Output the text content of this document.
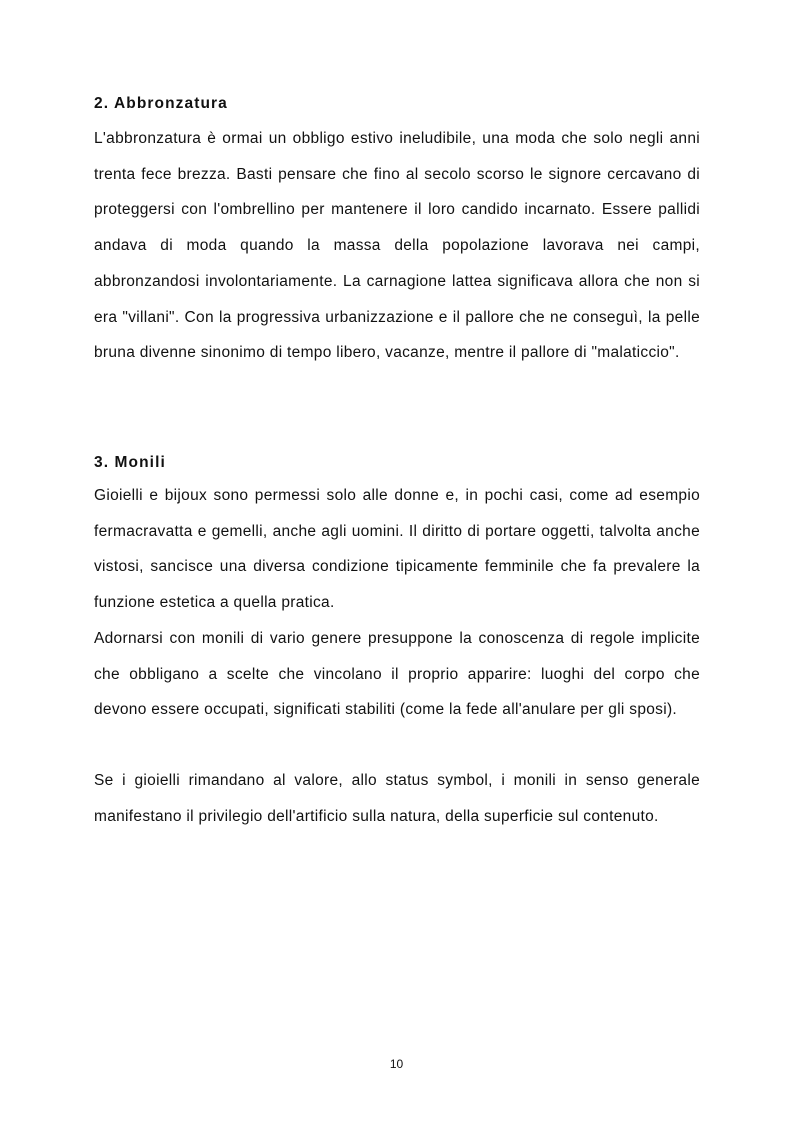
2. Abbronzatura

L'abbronzatura è ormai un obbligo estivo ineludibile, una moda che solo negli anni trenta fece brezza. Basti pensare che fino al secolo scorso le signore cercavano di proteggersi con l'ombrellino per mantenere il loro candido incarnato. Essere pallidi andava di moda quando la massa della popolazione lavorava nei campi, abbronzandosi involontariamente. La carnagione lattea significava allora che non si era "villani". Con la progressiva urbanizzazione e il pallore che ne conseguì, la pelle bruna divenne sinonimo di tempo libero, vacanze, mentre il pallore di "malaticcio".

3. Monili

Gioielli e bijoux sono permessi solo alle donne e, in pochi casi, come ad esempio fermacravatta e gemelli, anche agli uomini. Il diritto di portare oggetti, talvolta anche vistosi, sancisce una diversa condizione tipicamente femminile che fa prevalere la funzione estetica a quella pratica.

Adornarsi con monili di vario genere presuppone la conoscenza di regole implicite che obbligano a scelte che vincolano il proprio apparire: luoghi del corpo che devono essere occupati, significati stabiliti (come la fede all'anulare per gli sposi).

Se i gioielli rimandano al valore, allo status symbol, i monili in senso generale manifestano il privilegio dell'artificio sulla natura, della superficie sul contenuto.

10
